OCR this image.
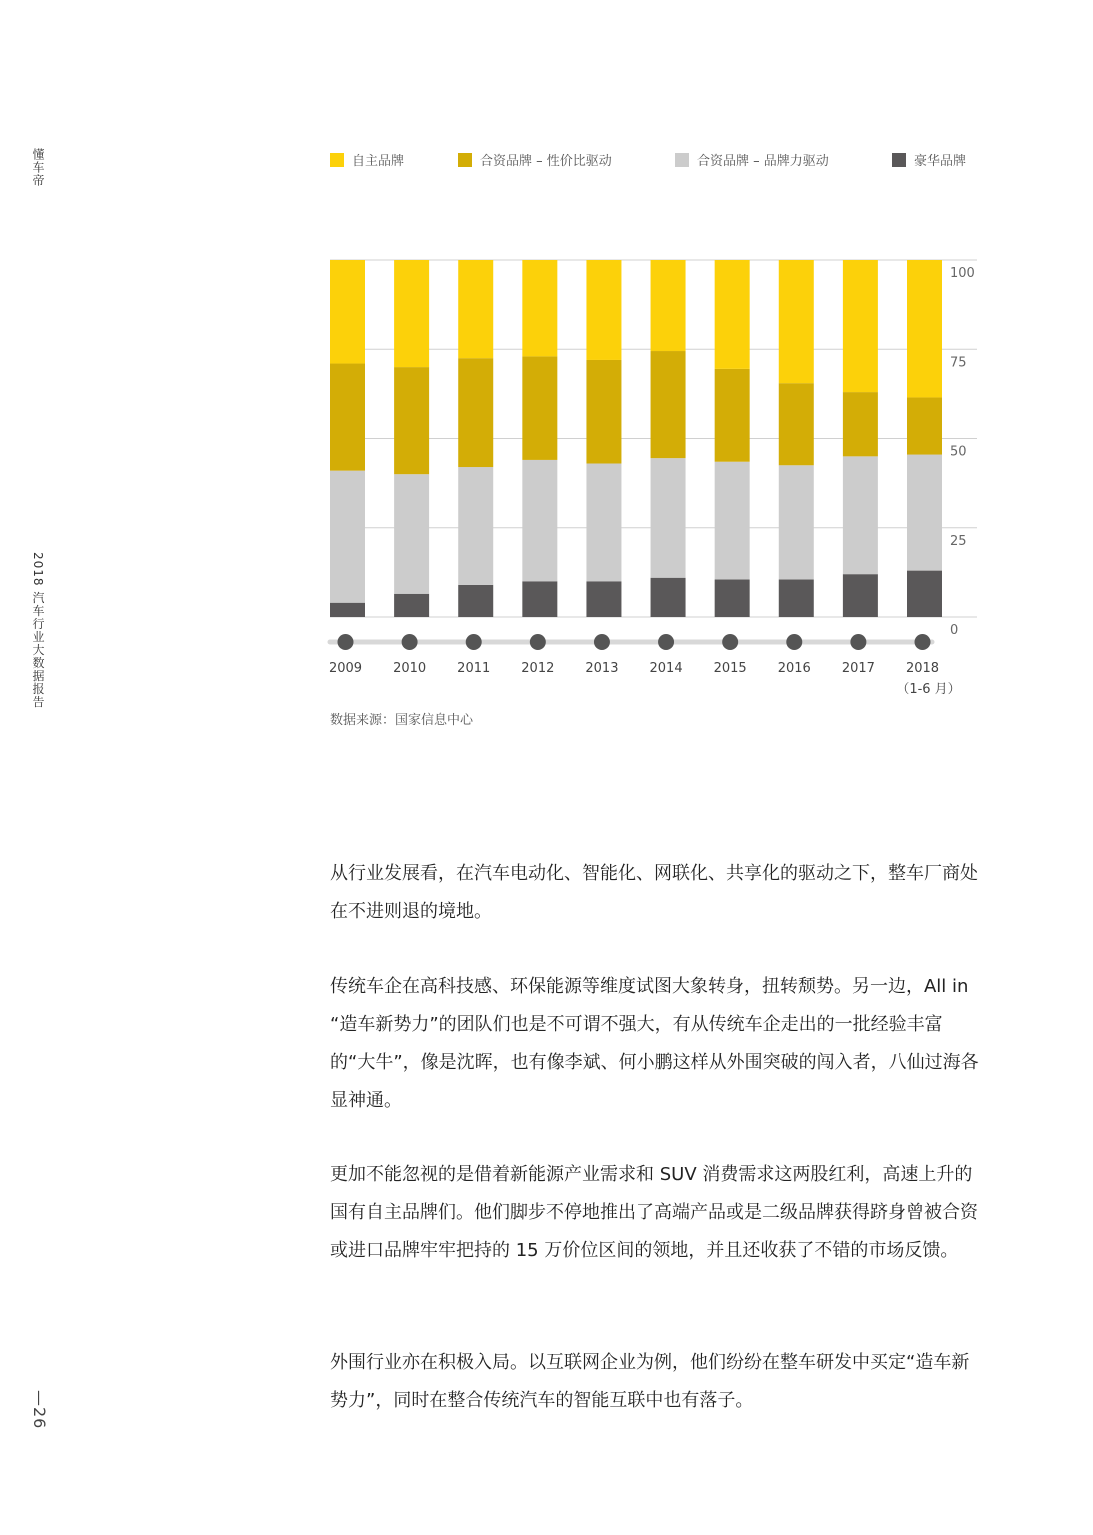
懂车帝
2018 汽车行业大数据报告
—26
自主品牌	合资品牌 – 性价比驱动	合资品牌 – 品牌力驱动	豪华品牌
100
75
50
25
0
2009 2010 2011 2012 2013 2014 2015 2016 2017 2018
（1-6 月）
数据来源：国家信息中心

从行业发展看，在汽车电动化、智能化、网联化、共享化的驱动之下，整车厂商处在不进则退的境地。

传统车企在高科技感、环保能源等维度试图大象转身，扭转颓势。另一边，All in “造车新势力”的团队们也是不可谓不强大，有从传统车企走出的一批经验丰富的“大牛”，像是沈晖，也有像李斌、何小鹏这样从外围突破的闯入者，八仙过海各显神通。

更加不能忽视的是借着新能源产业需求和 SUV 消费需求这两股红利，高速上升的国有自主品牌们。他们脚步不停地推出了高端产品或是二级品牌获得跻身曾被合资或进口品牌牢牢把持的 15 万价位区间的领地，并且还收获了不错的市场反馈。

外围行业亦在积极入局。以互联网企业为例，他们纷纷在整车研发中买定“造车新势力”，同时在整合传统汽车的智能互联中也有落子。
